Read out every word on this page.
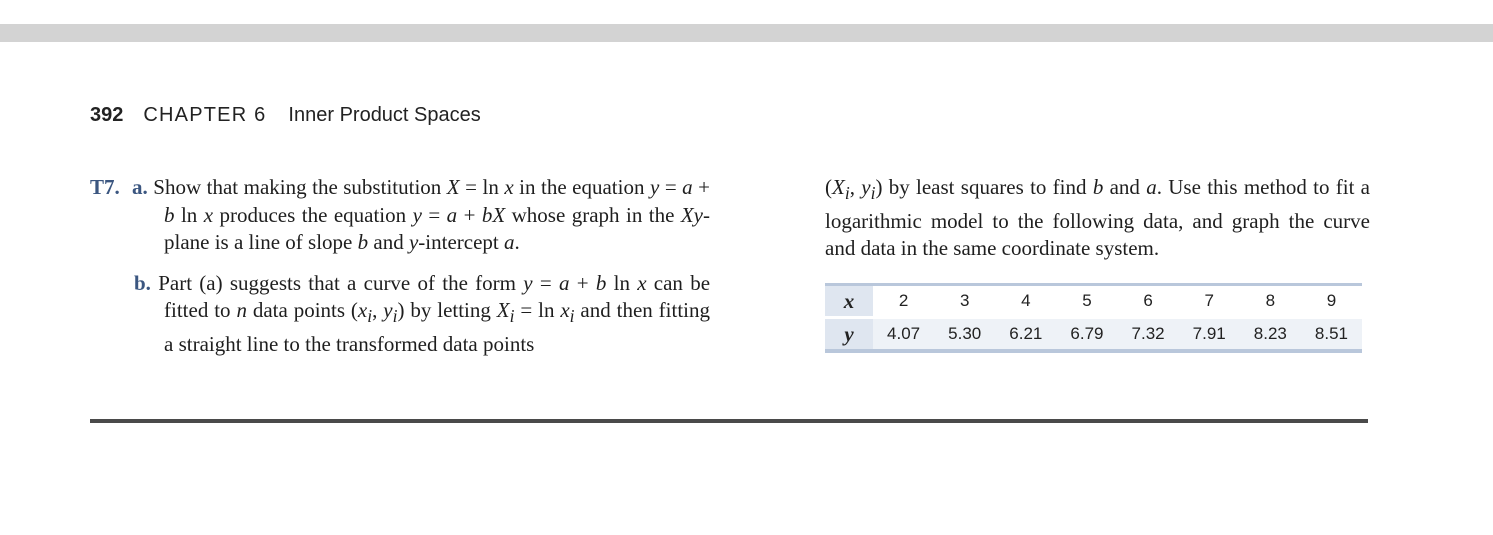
392 CHAPTER 6 Inner Product Spaces
T7. a. Show that making the substitution X = ln x in the equation y = a + b ln x produces the equation y = a + bX whose graph in the Xy-plane is a line of slope b and y-intercept a.
b. Part (a) suggests that a curve of the form y = a + b ln x can be fitted to n data points ($x_i$, $y_i$) by letting $X_i = \ln x_i$ and then fitting a straight line to the transformed data points
($X_i$, $y_i$) by least squares to find b and a. Use this method to fit a logarithmic model to the following data, and graph the curve and data in the same coordinate system.

x	2	3	4	5	6	7	8	9

y	4.07	5.30	6.21	6.79	7.32	7.91	8.23	8.51
